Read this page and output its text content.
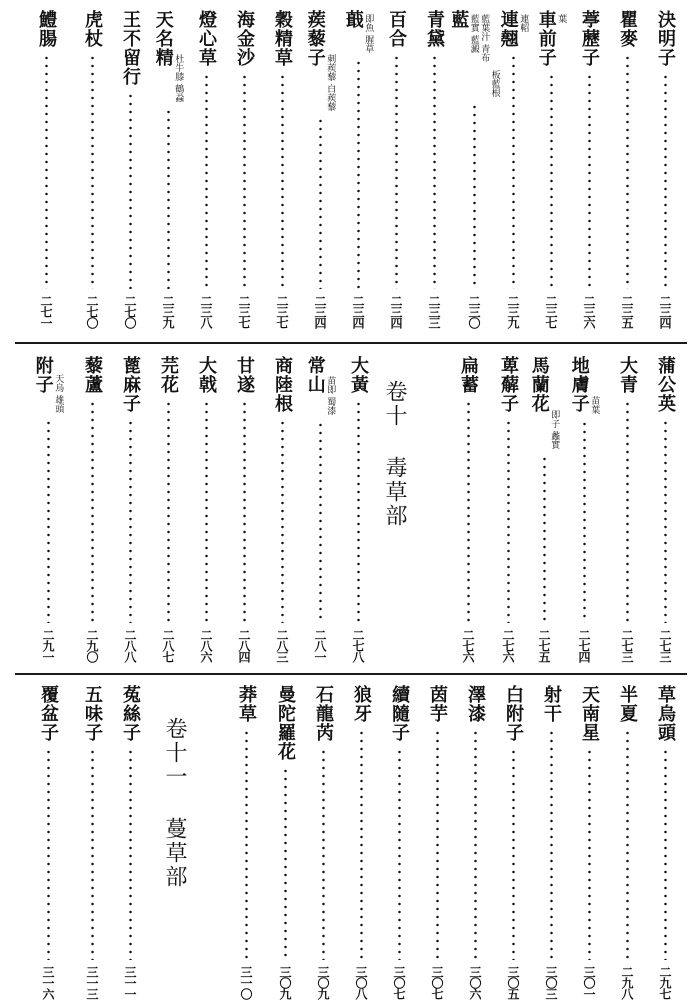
決明子
二三四
瞿麥
二三五
葶藶子
二三六
車前子 葉
二三七
連翹 連軺
二三九
藍 藍實 藍澱 藍葉汁 青布
板藍根
二三〇
青黛
二三三
百合
二三四
蕺 即魚 腥草
二三四
蒺藜子
刺蒺藜 白蒺藜
二三四
穀精草
二三七
海金沙
二三七
燈心草
二三八
天名精
杜牛膝 鶴蝨
二三九
王不留行
二七〇
虎杖
二七〇
鱧腸
二七一
蒲公英
二七三
大青
二七三
地膚子 苗葉
二七四
馬蘭花
即子 蠡實
二七五
萆薢子
二七六
扁蓄
二七六
卷十
毒草部
大黃
二七八
常山
苗即 蜀漆
二八一
商陸根
二八三
甘遂
二八四
大戟
二八六
芫花
二八七
蓖麻子
二八八
藜蘆
二九〇
附子 天烏 雄頭
二九一
草烏頭
二九七
半夏
二九八
天南星
三〇一
射干
三〇三
白附子
三〇五
澤漆
三〇六
茵芋
三〇七
續隨子
三〇七
狼牙
三〇八
石龍芮
三〇九
曼陀羅花
三〇九
莽草
三一〇
卷十一
蔓草部
菟絲子
三一一
五味子
三一三
覆盆子
三一六
